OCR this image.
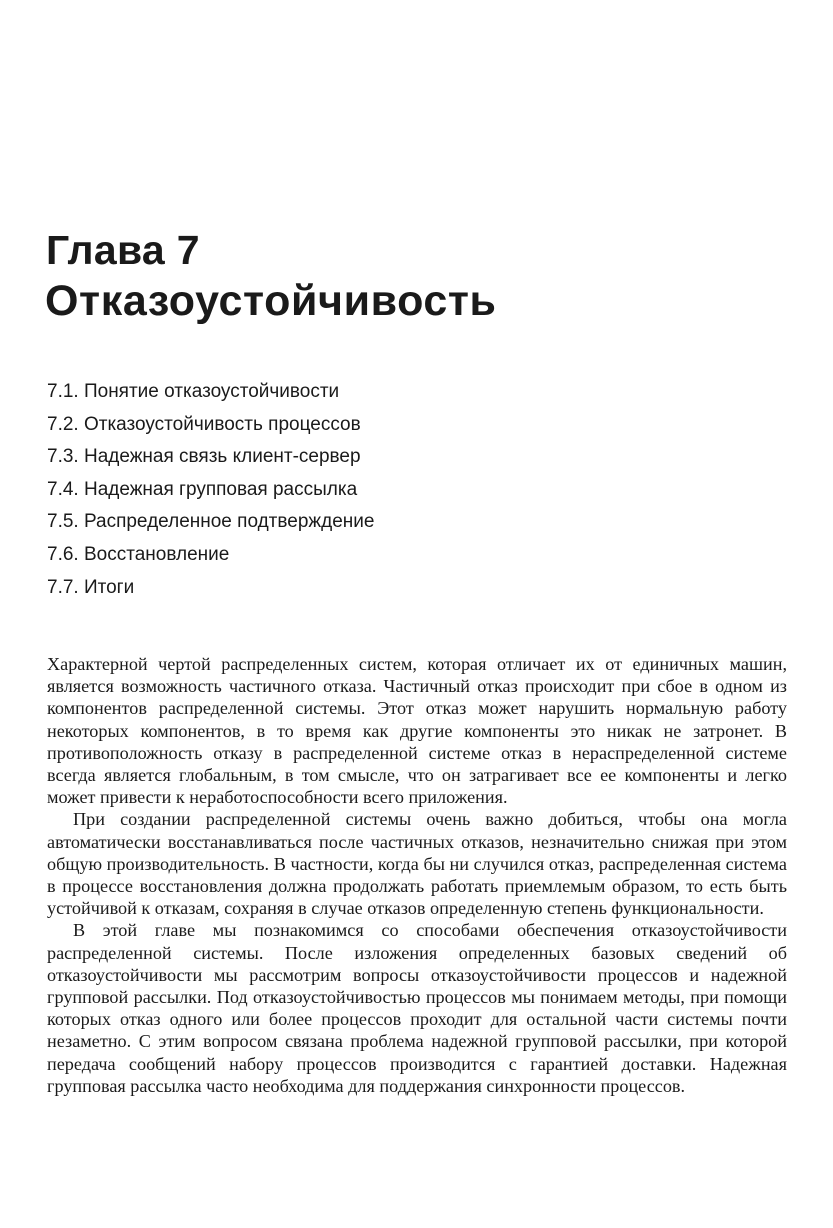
Глава 7
Отказоустойчивость
7.1. Понятие отказоустойчивости
7.2. Отказоустойчивость процессов
7.3. Надежная связь клиент-сервер
7.4. Надежная групповая рассылка
7.5. Распределенное подтверждение
7.6. Восстановление
7.7. Итоги

Характерной чертой распределенных систем, которая отличает их от единичных машин, является возможность частичного отказа. Частичный отказ происходит при сбое в одном из компонентов распределенной системы. Этот отказ может нарушить нормальную работу некоторых компонентов, в то время как другие компоненты это никак не затронет. В противоположность отказу в распределенной системе отказ в нераспределенной системе всегда является глобальным, в том смысле, что он затрагивает все ее компоненты и легко может привести к неработоспособности всего приложения.

При создании распределенной системы очень важно добиться, чтобы она могла автоматически восстанавливаться после частичных отказов, незначительно снижая при этом общую производительность. В частности, когда бы ни случился отказ, распределенная система в процессе восстановления должна продолжать работать приемлемым образом, то есть быть устойчивой к отказам, сохраняя в случае отказов определенную степень функциональности.

В этой главе мы познакомимся со способами обеспечения отказоустойчивости распределенной системы. После изложения определенных базовых сведений об отказоустойчивости мы рассмотрим вопросы отказоустойчивости процессов и надежной групповой рассылки. Под отказоустойчивостью процессов мы понимаем методы, при помощи которых отказ одного или более процессов проходит для остальной части системы почти незаметно. С этим вопросом связана проблема надежной групповой рассылки, при которой передача сообщений набору процессов производится с гарантией доставки. Надежная групповая рассылка часто необходима для поддержания синхронности процессов.
